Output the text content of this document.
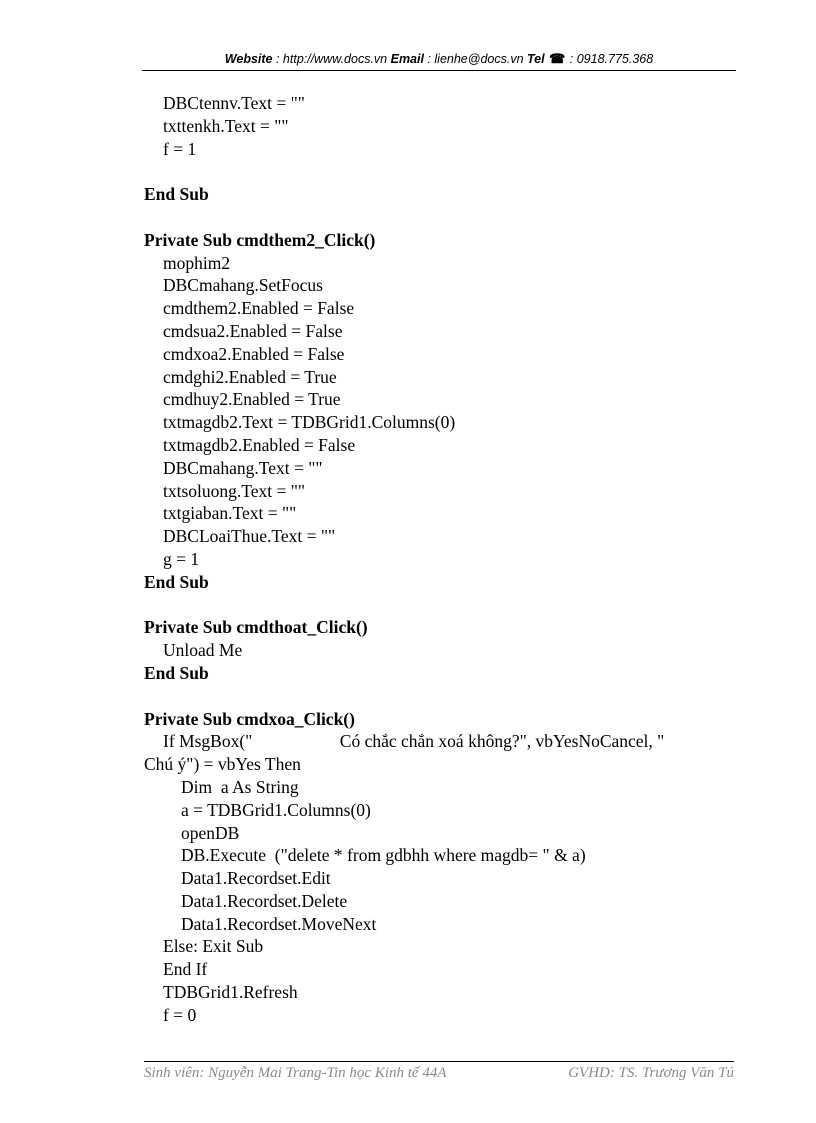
Website : http://www.docs.vn Email : lienhe@docs.vn Tel ☎ : 0918.775.368
DBCtennv.Text = ""
txttenkh.Text = ""
f = 1
End Sub
Private Sub cmdthem2_Click()
mophim2
DBCmahang.SetFocus
cmdthem2.Enabled = False
cmdsua2.Enabled = False
cmdxoa2.Enabled = False
cmdghi2.Enabled = True
cmdhuy2.Enabled = True
txtmagdb2.Text = TDBGrid1.Columns(0)
txtmagdb2.Enabled = False
DBCmahang.Text = ""
txtsoluong.Text = ""
txtgiaban.Text = ""
DBCLoaiThue.Text = ""
g = 1
End Sub
Private Sub cmdthoat_Click()
Unload Me
End Sub
Private Sub cmdxoa_Click()
If MsgBox("                    Có chắc chắn xoá không?", vbYesNoCancel, "
Chú ý") = vbYes Then
Dim  a As String
a = TDBGrid1.Columns(0)
openDB
DB.Execute  ("delete * from gdbhh where magdb= " & a)
Data1.Recordset.Edit
Data1.Recordset.Delete
Data1.Recordset.MoveNext
Else: Exit Sub
End If
TDBGrid1.Refresh
f = 0
Sinh viên: Nguyễn Mai Trang-Tin học Kinh tế 44A	GVHD: TS. Trương Văn Tú
